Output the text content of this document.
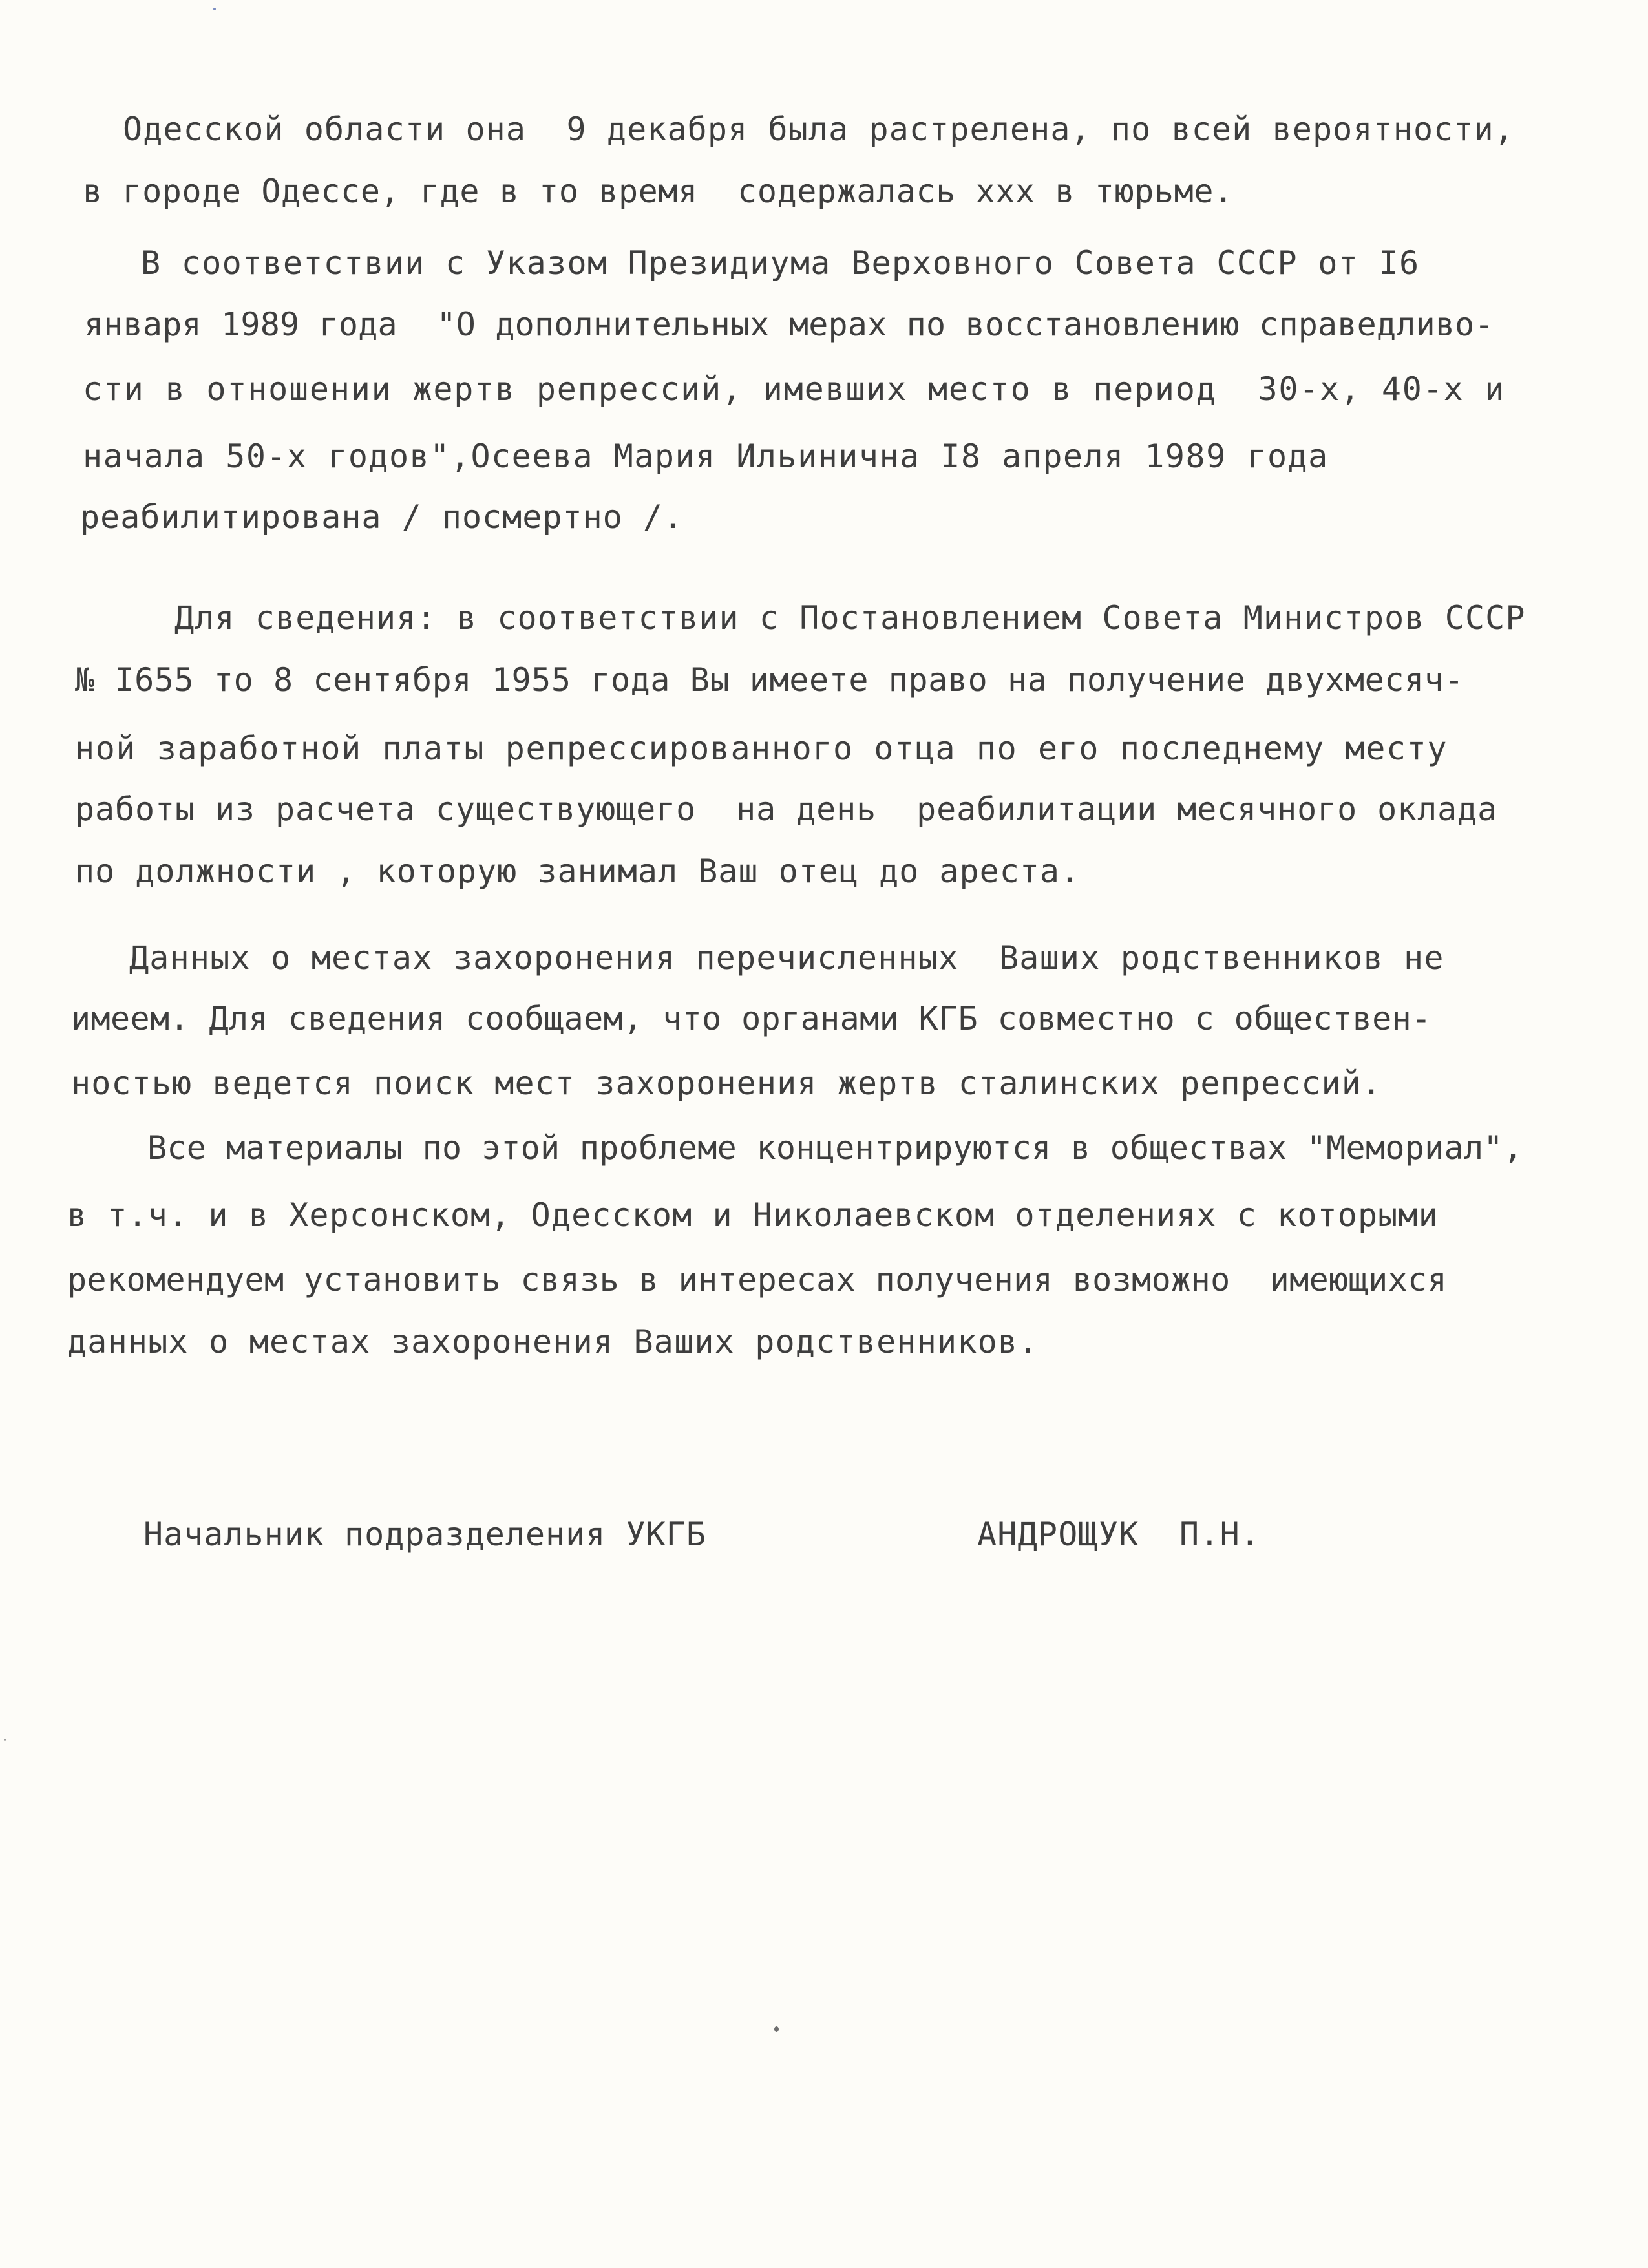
Одесской области она  9 декабря была растрелена, по всей вероятности,
в городе Одессе, где в то время  содержалась ххх в тюрьме.
В соответствии с Указом Президиума Верховного Совета СССР от I6
января 1989 года  "О дополнительных мерах по восстановлению справедливо-
сти в отношении жертв репрессий, имевших место в период  30-х, 40-х и
начала 50-х годов",Осеева Мария Ильинична I8 апреля 1989 года
реабилитирована / посмертно /.
Для сведения: в соответствии с Постановлением Совета Министров СССР
№ I655 то 8 сентября 1955 года Вы имеете право на получение двухмесяч-
ной заработной платы репрессированного отца по его последнему месту
работы из расчета существующего  на день  реабилитации месячного оклада
по должности , которую занимал Ваш отец до ареста.
Данных о местах захоронения перечисленных  Ваших родственников не
имеем. Для сведения сообщаем, что органами КГБ совместно с обществен-
ностью ведется поиск мест захоронения жертв сталинских репрессий.
Все материалы по этой проблеме концентрируются в обществах "Мемориал",
в т.ч. и в Херсонском, Одесском и Николаевском отделениях с которыми
рекомендуем установить связь в интересах получения возможно  имеющихся
данных о местах захоронения Ваших родственников.
Начальник подразделения УКГБ	АНДРОЩУК  П.Н.
